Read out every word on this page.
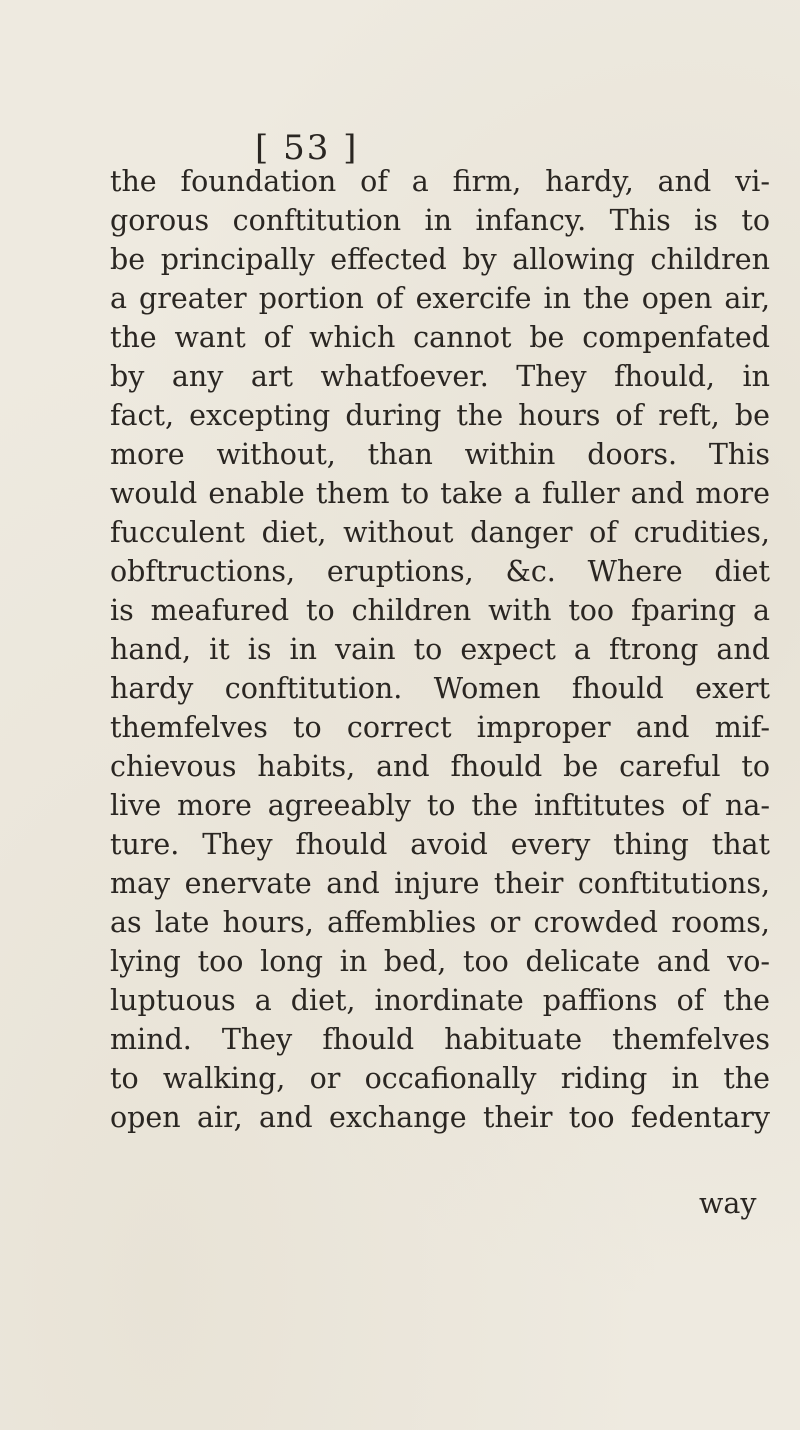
[ 53 ]
the foundation of a firm, hardy, and vi-
gorous conftitution in infancy. This is to
be principally effected by allowing children
a greater portion of exercife in the open air,
the want of which cannot be compenfated
by any art whatfoever. They fhould, in
fact, excepting during the hours of reft, be
more without, than within doors. This
would enable them to take a fuller and more
fucculent diet, without danger of crudities,
obftructions, eruptions, &c. Where diet
is meafured to children with too fparing a
hand, it is in vain to expect a ftrong and
hardy conftitution. Women fhould exert
themfelves to correct improper and mif-
chievous habits, and fhould be careful to
live more agreeably to the inftitutes of na-
ture. They fhould avoid every thing that
may enervate and injure their conftitutions,
as late hours, affemblies or crowded rooms,
lying too long in bed, too delicate and vo-
luptuous a diet, inordinate paffions of the
mind. They fhould habituate themfelves
to walking, or occafionally riding in the
open air, and exchange their too fedentary
way
